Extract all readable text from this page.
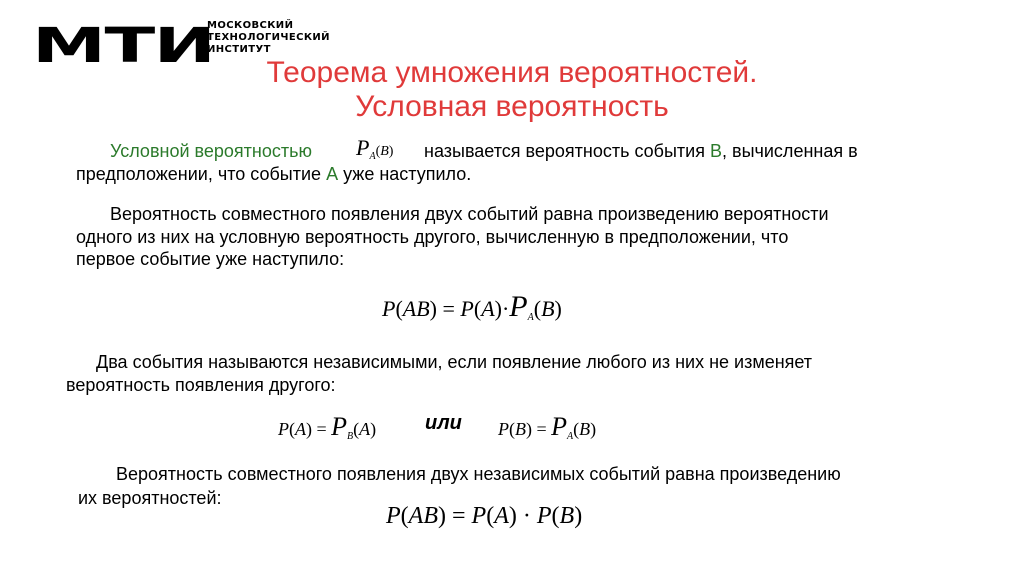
МТИ
МОСКОВСКИЙ
ТЕХНОЛОГИЧЕСКИЙ
ИНСТИТУТ
Теорема умножения вероятностей.
Условная вероятность
Условной вероятностью $P_A(B)$ называется вероятность события B, вычисленная в
предположении, что событие А уже наступило.
Вероятность совместного появления двух событий равна произведению вероятности
одного из них на условную вероятность другого, вычисленную в предположении, что
первое событие уже наступило:
$P(AB) = P(A)\cdot P_A(B)$
Два события называются независимыми, если появление любого из них не изменяет
вероятность появления другого:
$P(A) = P_B(A)$ или $P(B) = P_A(B)$
Вероятность совместного появления двух независимых событий равна произведению
их вероятностей:
P(AB) = P(A) · P(B)
